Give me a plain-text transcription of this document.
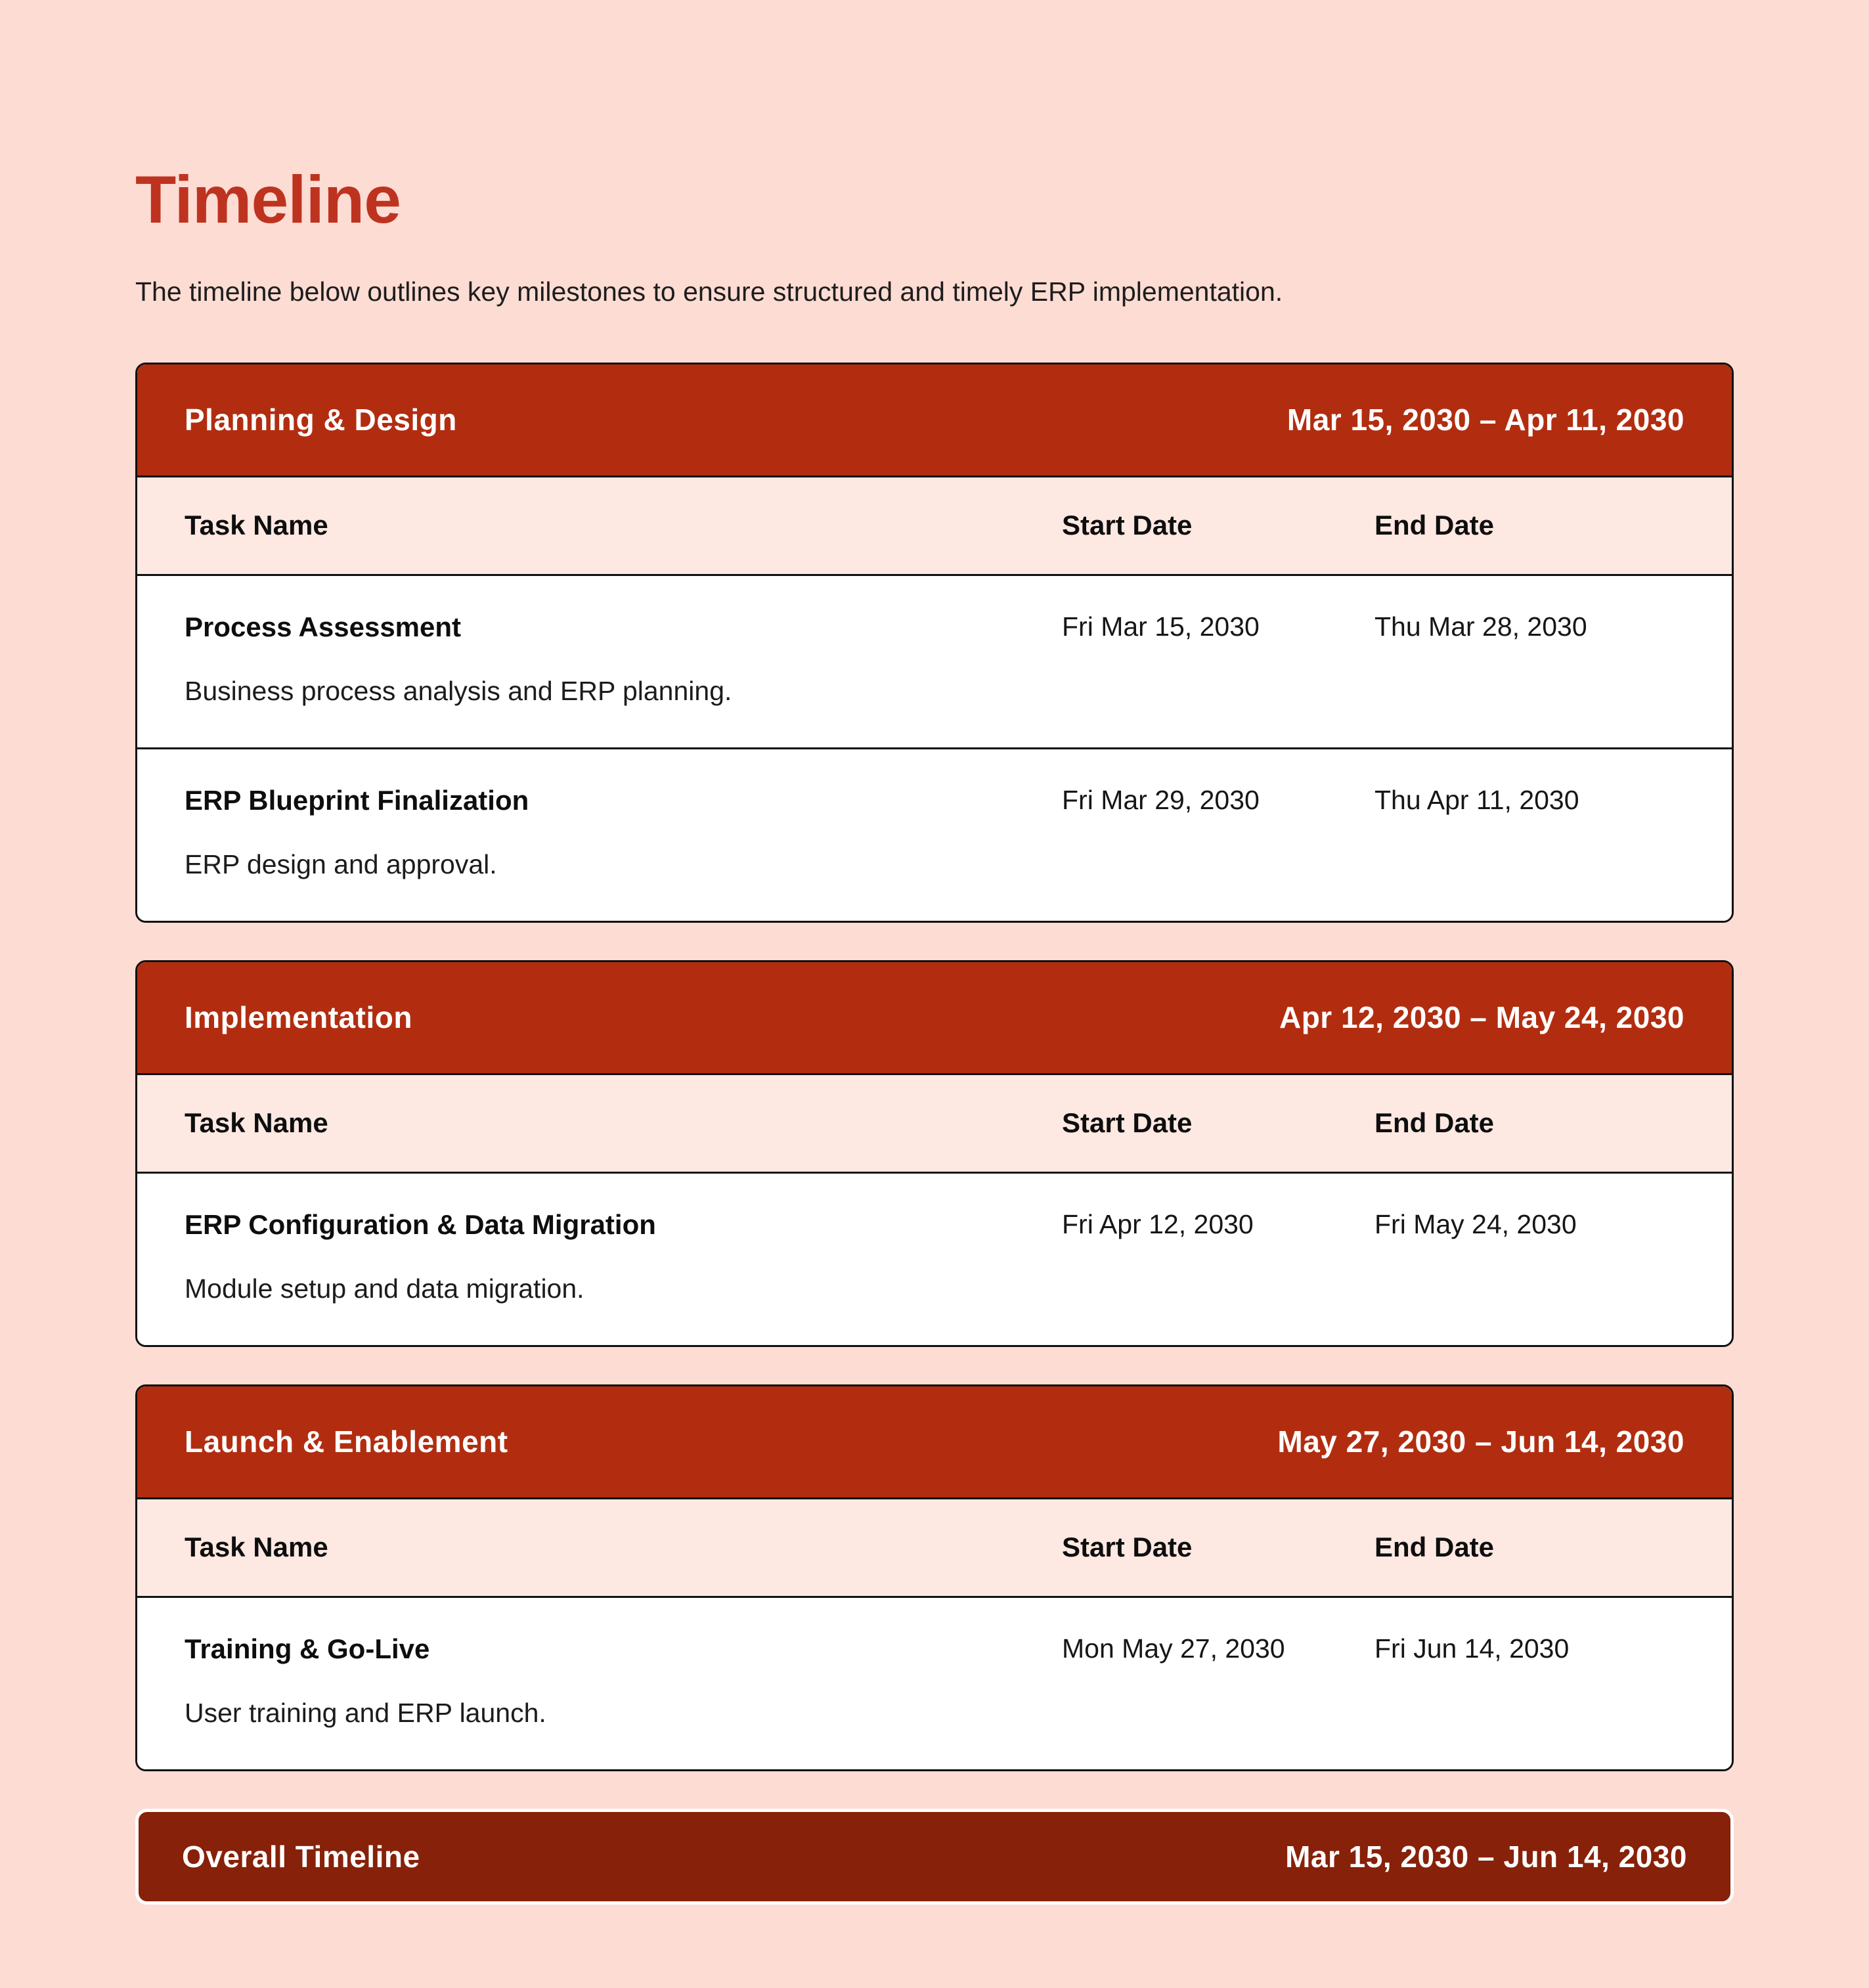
Timeline

The timeline below outlines key milestones to ensure structured and timely ERP implementation.

Planning & Design	Mar 15, 2030 – Apr 11, 2030
Task Name	Start Date	End Date
Process Assessment	Fri Mar 15, 2030	Thu Mar 28, 2030
Business process analysis and ERP planning.
ERP Blueprint Finalization	Fri Mar 29, 2030	Thu Apr 11, 2030
ERP design and approval.
Implementation	Apr 12, 2030 – May 24, 2030
Task Name	Start Date	End Date
ERP Configuration & Data Migration	Fri Apr 12, 2030	Fri May 24, 2030
Module setup and data migration.
Launch & Enablement	May 27, 2030 – Jun 14, 2030
Task Name	Start Date	End Date
Training & Go-Live	Mon May 27, 2030	Fri Jun 14, 2030
User training and ERP launch.
Overall Timeline	Mar 15, 2030 – Jun 14, 2030
